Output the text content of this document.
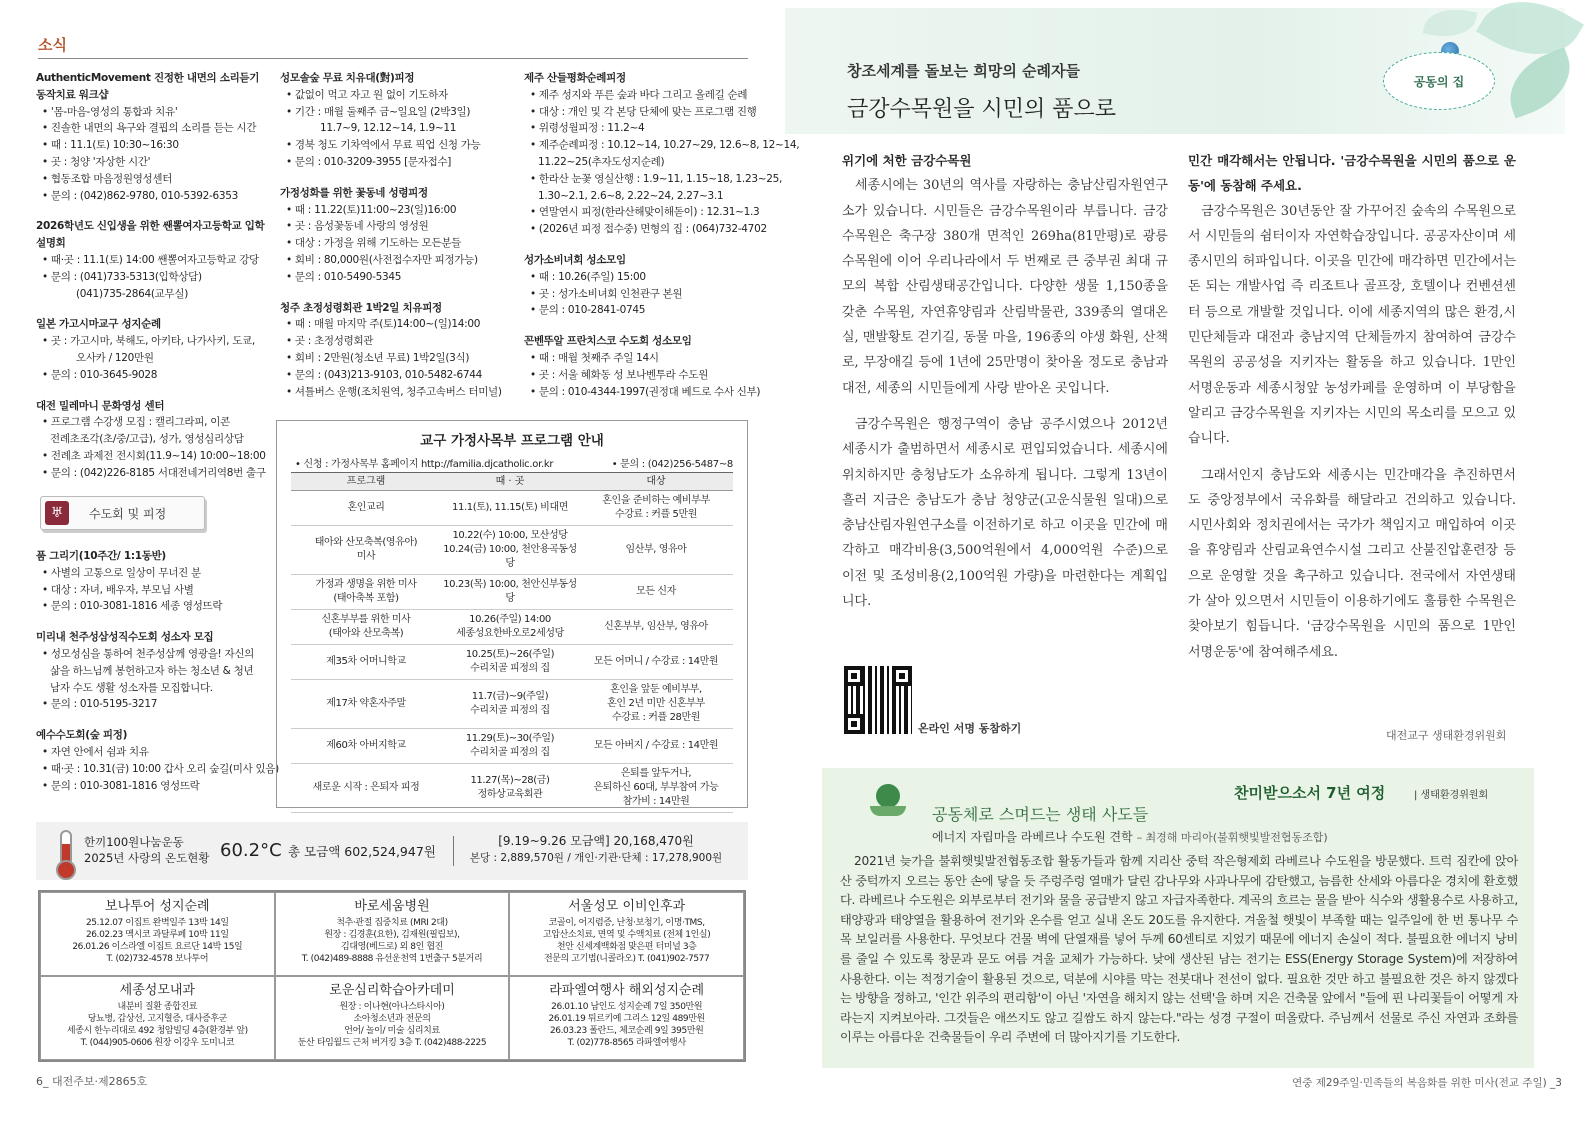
소식
AuthenticMovement 진정한 내면의 소리듣기
동작치료 워크샵
• '몸-마음-영성의 통합과 치유'
• 진솔한 내면의 욕구와 결핍의 소리를 듣는 시간
• 때 : 11.1(토) 10:30~16:30
• 곳 : 청양 '자상한 시간'
• 협동조합 마음정원영성센터
• 문의 : (042)862-9780, 010-5392-6353
2026학년도 신입생을 위한 쌘뽈여자고등학교 입학설명회
• 때·곳 : 11.1(토) 14:00 쌘뽈여자고등학교 강당
• 문의 : (041)733-5313(입학상담)
(041)735-2864(교무실)
일본 가고시마교구 성지순례
• 곳 : 가고시마, 북해도, 아키타, 나가사키, 도쿄,
오사카 / 120만원
• 문의 : 010-3645-9028
대전 밀레마니 문화영성 센터
• 프로그램 수강생 모집 : 캘리그라피, 이콘
전례초조각(초/중/고급), 성가, 영성심리상담
• 전례초 과제전 전시회(11.9~14) 10:00~18:00
• 문의 : (042)226-8185 서대전네거리역8번 출구
성모솔숲 무료 치유대(對)피정
• 값없이 먹고 자고 원 없이 기도하자
• 기간 : 매월 둘째주 금~일요일 (2박3일)
11.7~9, 12.12~14, 1.9~11
• 경북 청도 기차역에서 무료 픽업 신청 가능
• 문의 : 010-3209-3955 [문자접수]
가정성화를 위한 꽃동네 성령피정
• 때 : 11.22(토)11:00~23(일)16:00
• 곳 : 음성꽃동네 사랑의 영성원
• 대상 : 가정을 위해 기도하는 모든분들
• 회비 : 80,000원(사전접수자만 피정가능)
• 문의 : 010-5490-5345
청주 초정성령회관 1박2일 치유피정
• 때 : 매월 마지막 주(토)14:00~(일)14:00
• 곳 : 초정성령회관
• 회비 : 2만원(청소년 무료) 1박2일(3식)
• 문의 : (043)213-9103, 010-5482-6744
• 셔틀버스 운행(조치원역, 청주고속버스 터미널)
제주 산들평화순례피정
• 제주 성지와 푸른 숲과 바다 그리고 올레길 순례
• 대상 : 개인 및 각 본당 단체에 맞는 프로그램 진행
• 위령성월피정 : 11.2~4
• 제주순례피정 : 10.12~14, 10.27~29, 12.6~8, 12~14,
11.22~25(추자도성지순례)
• 한라산 눈꽃 영실산행 : 1.9~11, 1.15~18, 1.23~25,
1.30~2.1, 2.6~8, 2.22~24, 2.27~3.1
• 연말연시 피정(한라산해맞이해돋이) : 12.31~1.3
• (2026년 피정 접수중) 면형의 집 : (064)732-4702
성가소비녀회 성소모임
• 때 : 10.26(주일) 15:00
• 곳 : 성가소비녀회 인천관구 본원
• 문의 : 010-2841-0745
꼰벤뚜알 프란치스코 수도회 성소모임
• 때 : 매월 첫째주 주일 14시
• 곳 : 서울 혜화동 성 보나벤투라 수도원
• 문의 : 010-4344-1997(권정대 베드로 수사 신부)
♅	수도회 및 피정
품 그리기(10주간/ 1:1동반)
• 사별의 고통으로 일상이 무너진 분
• 대상 : 자녀, 배우자, 부모님 사별
• 문의 : 010-3081-1816 세종 영성뜨락
미리내 천주성삼성직수도회 성소자 모집
• 성모성심을 통하여 천주성삼께 영광을! 자신의
삶을 하느님께 봉헌하고자 하는 청소년 & 청년
남자 수도 생활 성소자를 모집합니다.
• 문의 : 010-5195-3217
예수수도회(숲 피정)
• 자연 안에서 쉼과 치유
• 때·곳 : 10.31(금) 10:00 갑사 오리 숲길(미사 있음)
• 문의 : 010-3081-1816 영성뜨락
교구 가정사목부 프로그램 안내
• 신청 : 가정사목부 홈페이지 http://familia.djcatholic.or.kr	• 문의 : (042)256-5487~8
프로그램	때 · 곳	대상
혼인교리	11.1(토), 11.15(토) 비대면	혼인을 준비하는 예비부부
수강료 : 커플 5만원
태아와 산모축복(영유아)
미사	10.22(수) 10:00, 모산성당
10.24(금) 10:00, 천안용곡동성당	임산부, 영유아
가정과 생명을 위한 미사
(태아축복 포함)	10.23(목) 10:00, 천안신부동성당	모든 신자
신혼부부를 위한 미사
(태아와 산모축복)	10.26(주일) 14:00
세종성요한바오로2세성당	신혼부부, 임산부, 영유아
제35차 어머니학교	10.25(토)~26(주일)
수리치골 피정의 집	모든 어머니 / 수강료 : 14만원
제17차 약혼자주말	11.7(금)~9(주일)
수리치골 피정의 집	혼인을 앞둔 예비부부,
혼인 2년 미만 신혼부부
수강료 : 커플 28만원
제60차 아버지학교	11.29(토)~30(주일)
수리치골 피정의 집	모든 아버지 / 수강료 : 14만원
새로운 시작 : 은퇴자 피정	11.27(목)~28(금)
정하상교육회관	은퇴를 앞두거나,
은퇴하신 60대, 부부참여 가능
참가비 : 14만원
한끼100원나눔운동
2025년 사랑의 온도현황 60.2°C 총 모금액 602,524,947원
[9.19~9.26 모금액] 20,168,470원
본당 : 2,889,570원 / 개인·기관·단체 : 17,278,900원
보나투어 성지순례
25.12.07 이집트 완벽일주 13박 14일
26.02.23 멕시코 과달루페 10박 11일
26.01.26 이스라엘 이집트 요르단 14박 15일
T. (02)732-4578 보나투어
바로세움병원
척추·관절 집중치료 (MRI 2대)
원장 : 김경훈(요한), 김재원(필립보),
김대영(베드로) 외 8인 협진
T. (042)489-8888 유선운천역 1번출구 5분거리
서울성모 이비인후과
코골이, 어지럼증, 난청·보청기, 이명·TMS,
고압산소치료, 면역 및 수액치료 (전체 1인실)
천안 신세계백화점 맞은편 터미널 3층
전문의 고기범(니콜라오) T. (041)902-7577
세종성모내과
내분비 질환 종합진료
당뇨병, 갑상선, 고지혈증, 대사증후군
세종시 한누리대로 492 청암빌딩 4층(환경부 앞)
T. (044)905-0606 원장 이강우 도미니코
로운심리학습아카데미
원장 : 이나현(아나스타시아)
소아청소년과 전문의
언어/ 놀이/ 미술 심리치료
둔산 타임월드 근처 버거킹 3층 T. (042)488-2225
라파엘여행사 해외성지순례
26.01.10 남인도 성지순례 7일 350만원
26.01.19 튀르키예 그리스 12일 489만원
26.03.23 폴란드, 체코순례 9일 395만원
T. (02)778-8565 라파엘여행사
6_ 대전주보·제2865호
공동의 집
창조세계를 돌보는 희망의 순례자들
금강수목원을 시민의 품으로
위기에 처한 금강수목원

세종시에는 30년의 역사를 자랑하는 충남산림자원연구소가 있습니다. 시민들은 금강수목원이라 부릅니다. 금강수목원은 축구장 380개 면적인 269ha(81만평)로 광릉수목원에 이어 우리나라에서 두 번째로 큰 중부권 최대 규모의 복합 산림생태공간입니다. 다양한 생물 1,150종을 갖춘 수목원, 자연휴양림과 산림박물관, 339종의 열대온실, 맨발황토 걷기길, 동물 마을, 196종의 야생 화원, 산책로, 무장애길 등에 1년에 25만명이 찾아올 정도로 충남과 대전, 세종의 시민들에게 사랑 받아온 곳입니다.

금강수목원은 행정구역이 충남 공주시였으나 2012년 세종시가 출범하면서 세종시로 편입되었습니다. 세종시에 위치하지만 충청남도가 소유하게 됩니다. 그렇게 13년이 흘러 지금은 충남도가 충남 청양군(고운식물원 일대)으로 충남산림자원연구소를 이전하기로 하고 이곳을 민간에 매각하고 매각비용(3,500억원에서 4,000억원 수준)으로 이전 및 조성비용(2,100억원 가량)을 마련한다는 계획입니다.

민간 매각해서는 안됩니다. '금강수목원을 시민의 품으로 운동'에 동참해 주세요.

금강수목원은 30년동안 잘 가꾸어진 숲속의 수목원으로서 시민들의 쉼터이자 자연학습장입니다. 공공자산이며 세종시민의 허파입니다. 이곳을 민간에 매각하면 민간에서는 돈 되는 개발사업 즉 리조트나 골프장, 호텔이나 컨벤션센터 등으로 개발할 것입니다. 이에 세종지역의 많은 환경,시민단체들과 대전과 충남지역 단체들까지 참여하여 금강수목원의 공공성을 지키자는 활동을 하고 있습니다. 1만인 서명운동과 세종시청앞 농성카페를 운영하며 이 부당함을 알리고 금강수목원을 지키자는 시민의 목소리를 모으고 있습니다.

그래서인지 충남도와 세종시는 민간매각을 추진하면서도 중앙정부에서 국유화를 해달라고 건의하고 있습니다. 시민사회와 정치권에서는 국가가 책임지고 매입하여 이곳을 휴양림과 산림교육연수시설 그리고 산불진압훈련장 등으로 운영할 것을 촉구하고 있습니다. 전국에서 자연생태가 살아 있으면서 시민들이 이용하기에도 훌륭한 수목원은 찾아보기 힘듭니다. '금강수목원을 시민의 품으로 1만인 서명운동'에 참여해주세요.

온라인 서명 동참하기
대전교구 생태환경위원회
찬미받으소서 7년 여정	| 생태환경위원회
공동체로 스며드는 생태 사도들
에너지 자립마을 라베르나 수도원 견학 – 최경해 마리아(불휘햇빛발전협동조합)
2021년 늦가을 불휘햇빛발전협동조합 활동가들과 함께 지리산 중턱 작은형제회 라베르나 수도원을 방문했다. 트럭 짐칸에 앉아 산 중턱까지 오르는 동안 손에 닿을 듯 주렁주렁 열매가 달린 감나무와 사과나무에 감탄했고, 늠름한 산세와 아름다운 경치에 환호했다. 라베르나 수도원은 외부로부터 전기와 물을 공급받지 않고 자급자족한다. 계곡의 흐르는 물을 받아 식수와 생활용수로 사용하고, 태양광과 태양열을 활용하여 전기와 온수를 얻고 실내 온도 20도를 유지한다. 겨울철 햇빛이 부족할 때는 일주일에 한 번 통나무 수목 보일러를 사용한다. 무엇보다 건물 벽에 단열재를 넣어 두께 60센티로 지었기 때문에 에너지 손실이 적다. 불필요한 에너지 낭비를 줄일 수 있도록 창문과 문도 여름 겨울 교체가 가능하다. 낮에 생산된 남는 전기는 ESS(Energy Storage System)에 저장하여 사용한다. 이는 적정기술이 활용된 것으로, 덕분에 시야를 막는 전봇대나 전선이 없다. 필요한 것만 하고 불필요한 것은 하지 않겠다는 방향을 정하고, '인간 위주의 편리함'이 아닌 '자연을 해치지 않는 선택'을 하며 지은 건축물 앞에서 "들에 핀 나리꽃들이 어떻게 자라는지 지켜보아라. 그것들은 애쓰지도 않고 길쌈도 하지 않는다."라는 성경 구절이 떠올랐다. 주님께서 선물로 주신 자연과 조화를 이루는 아름다운 건축물들이 우리 주변에 더 많아지기를 기도한다.
연중 제29주일·민족들의 복음화를 위한 미사(전교 주일) _3
